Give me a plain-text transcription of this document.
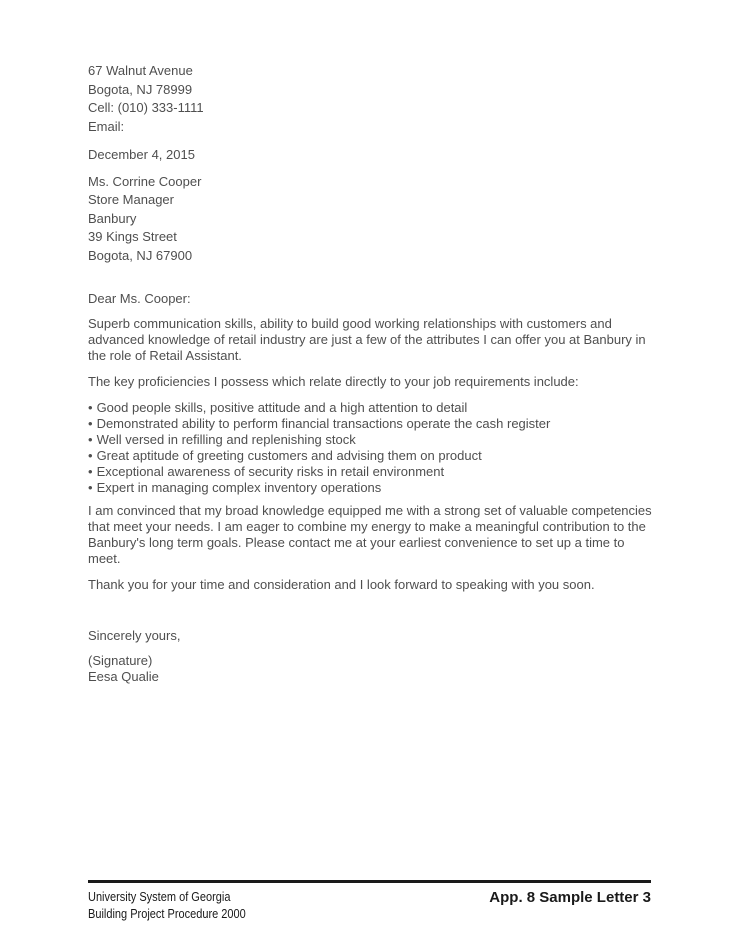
67 Walnut Avenue
Bogota, NJ 78999
Cell: (010) 333-1111
Email:
December 4, 2015
Ms. Corrine Cooper
Store Manager
Banbury
39 Kings Street
Bogota, NJ 67900

Dear Ms. Cooper:

Superb communication skills, ability to build good working relationships with customers and advanced knowledge of retail industry are just a few of the attributes I can offer you at Banbury in the role of Retail Assistant.

The key proficiencies I possess which relate directly to your job requirements include:

• Good people skills, positive attitude and a high attention to detail
• Demonstrated ability to perform financial transactions operate the cash register
• Well versed in refilling and replenishing stock
• Great aptitude of greeting customers and advising them on product
• Exceptional awareness of security risks in retail environment
• Expert in managing complex inventory operations

I am convinced that my broad knowledge equipped me with a strong set of valuable competencies that meet your needs. I am eager to combine my energy to make a meaningful contribution to the Banbury's long term goals. Please contact me at your earliest convenience to set up a time to meet.

Thank you for your time and consideration and I look forward to speaking with you soon.

Sincerely yours,

(Signature)
Eesa Qualie
University System of Georgia
Building Project Procedure 2000
App. 8 Sample Letter 3
